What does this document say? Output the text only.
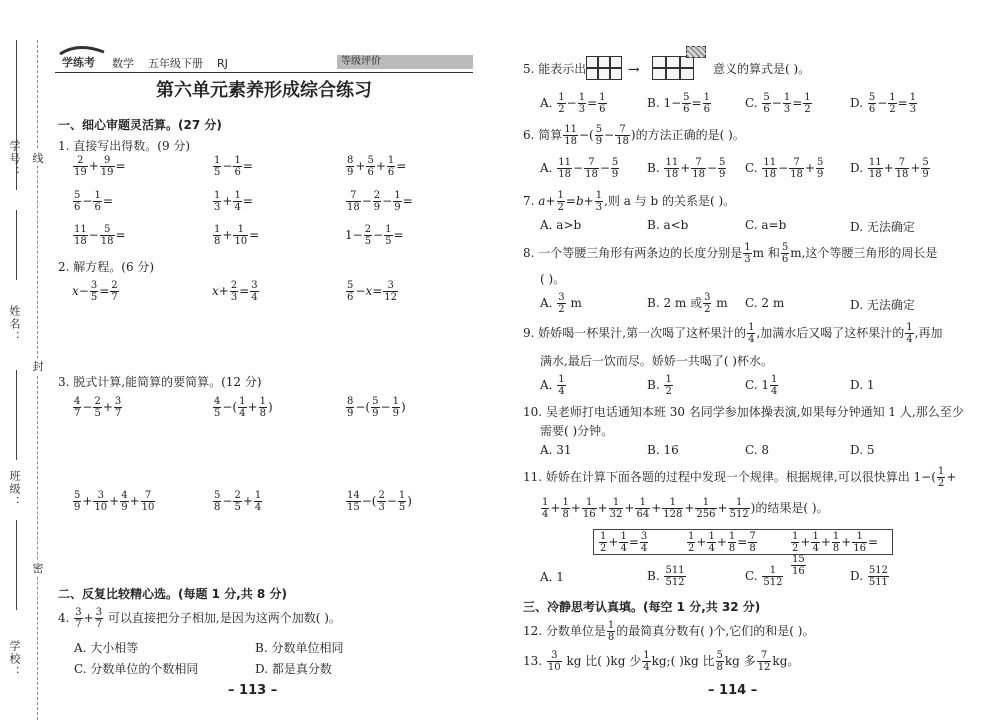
学号：
姓名：
班级：
学校：
线
封
密
学练考 数学 五年级下册 RJ	等级评价
第六单元素养形成综合练习
一、细心审题灵活算。(27 分)
1. 直接写出得数。(9 分)
$\frac{2}{19} + \frac{9}{19}$ =	$\frac{1}{5} - \frac{1}{6}$ =	$\frac{8}{9} + \frac{5}{6} + \frac{1}{6}$ =
$\frac{5}{6} - \frac{1}{6}$ =	$\frac{1}{3} + \frac{1}{4}$ =	$\frac{7}{18} - \frac{2}{9} - \frac{1}{9}$ =
$\frac{11}{18} - \frac{5}{18}$ =	$\frac{1}{8} + \frac{1}{10}$ =	$1- \frac{2}{5} - \frac{1}{5}$ =
2. 解方程。(6 分)
$x- \frac{3}{5} = \frac{2}{7}$	$x+ \frac{2}{3} = \frac{3}{4}$	$\frac{5}{6} -x= \frac{3}{12}$
3. 脱式计算,能简算的要简算。(12 分)
$\frac{4}{7} - \frac{2}{5} + \frac{3}{7}$	$\frac{4}{5}$ −( $\frac{1}{4} + \frac{1}{8}$ )	$\frac{8}{9}$ −( $\frac{5}{9} - \frac{1}{9}$ )
$\frac{5}{9} + \frac{3}{10} + \frac{4}{9} + \frac{7}{10}$	$\frac{5}{8} - \frac{2}{5} + \frac{1}{4}$	$\frac{14}{15}$ −( $\frac{2}{3} - \frac{1}{5}$ )
二、反复比较精心选。(每题 1 分,共 8 分)
4. $\frac{3}{7} + \frac{3}{7}$ 可以直接把分子相加,是因为这两个加数( )。
A. 大小相等	B. 分数单位相同
C. 分数单位的个数相同	D. 都是真分数
– 113 –
5. 能表示出	→	意义的算式是( )。
A. $\frac{1}{2} - \frac{1}{3} = \frac{1}{6}$	B. $1- \frac{5}{6} = \frac{1}{6}$	C. $\frac{5}{6} - \frac{1}{3} = \frac{1}{2}$	D. $\frac{5}{6} - \frac{1}{2} = \frac{1}{3}$
6. 简算 $\frac{11}{18}$ −( $\frac{5}{9} - \frac{7}{18}$ )的方法正确的是( )。
A. $\frac{11}{18} - \frac{7}{18} - \frac{5}{9} B$. $\frac{11}{18} + \frac{7}{18} - \frac{5}{9} C$. $\frac{11}{18} - \frac{7}{18} + \frac{5}{9} D$. $\frac{11}{18} + \frac{7}{18} + \frac{5}{9}$
7. $a+ \frac{1}{2} =b+ \frac{1}{3}$ ,则 a 与 b 的关系是( )。
A. a>b	B. a<b	C. a=b	D. 无法确定
8. 一个等腰三角形有两条边的长度分别是 $\frac{1}{3}$ m 和 $\frac{5}{6} m$,这个等腰三角形的周长是
( )。
A. $\frac{3}{2}$ m	B. 2 m 或 $\frac{3}{2}$ m C. 2 m	D. 无法确定
9. 娇娇喝一杯果汁,第一次喝了这杯果汁的 $\frac{1}{4}$ ,加满水后又喝了这杯果汁的 $\frac{1}{4}$ ,再加
满水,最后一饮而尽。娇娇一共喝了( )杯水。
A. $\frac{1}{4}$	B. $\frac{1}{2}$	C. $1 \frac{1}{4}$	D. 1
10. 吴老师打电话通知本班 30 名同学参加体操表演,如果每分钟通知 1 人,那么至少
需要( )分钟。
A. 31	B. 16	C. 8	D. 5
11. 娇娇在计算下面各题的过程中发现一个规律。根据规律,可以很快算出 $1-( \frac{1}{2}$ +
$\frac{1}{4} + \frac{1}{8} + \frac{1}{16} + \frac{1}{32} + \frac{1}{64} + \frac{1}{128} + \frac{1}{256} + \frac{1}{512}$ )的结果是( )。
$\frac{1}{2} + \frac{1}{4} = \frac{3}{4}$	$\frac{1}{2} + \frac{1}{4} + \frac{1}{8} = \frac{7}{8}$	$\frac{1}{2} + \frac{1}{4} + \frac{1}{8} + \frac{1}{16}$ =
$\frac{15}{16}$
A. 1	B. $\frac{511}{512}$	C. $\frac{1}{512}$	D. $\frac{512}{511}$
三、冷静思考认真填。(每空 1 分,共 32 分)
12. 分数单位是 $\frac{1}{8}$ 的最简真分数有( )个,它们的和是( )。
13. $\frac{3}{10}$ kg 比( )kg 少 $\frac{1}{4}$ kg;( )kg 比 $\frac{5}{8}$ kg 多 $\frac{7}{12}$ kg。
– 114 –
